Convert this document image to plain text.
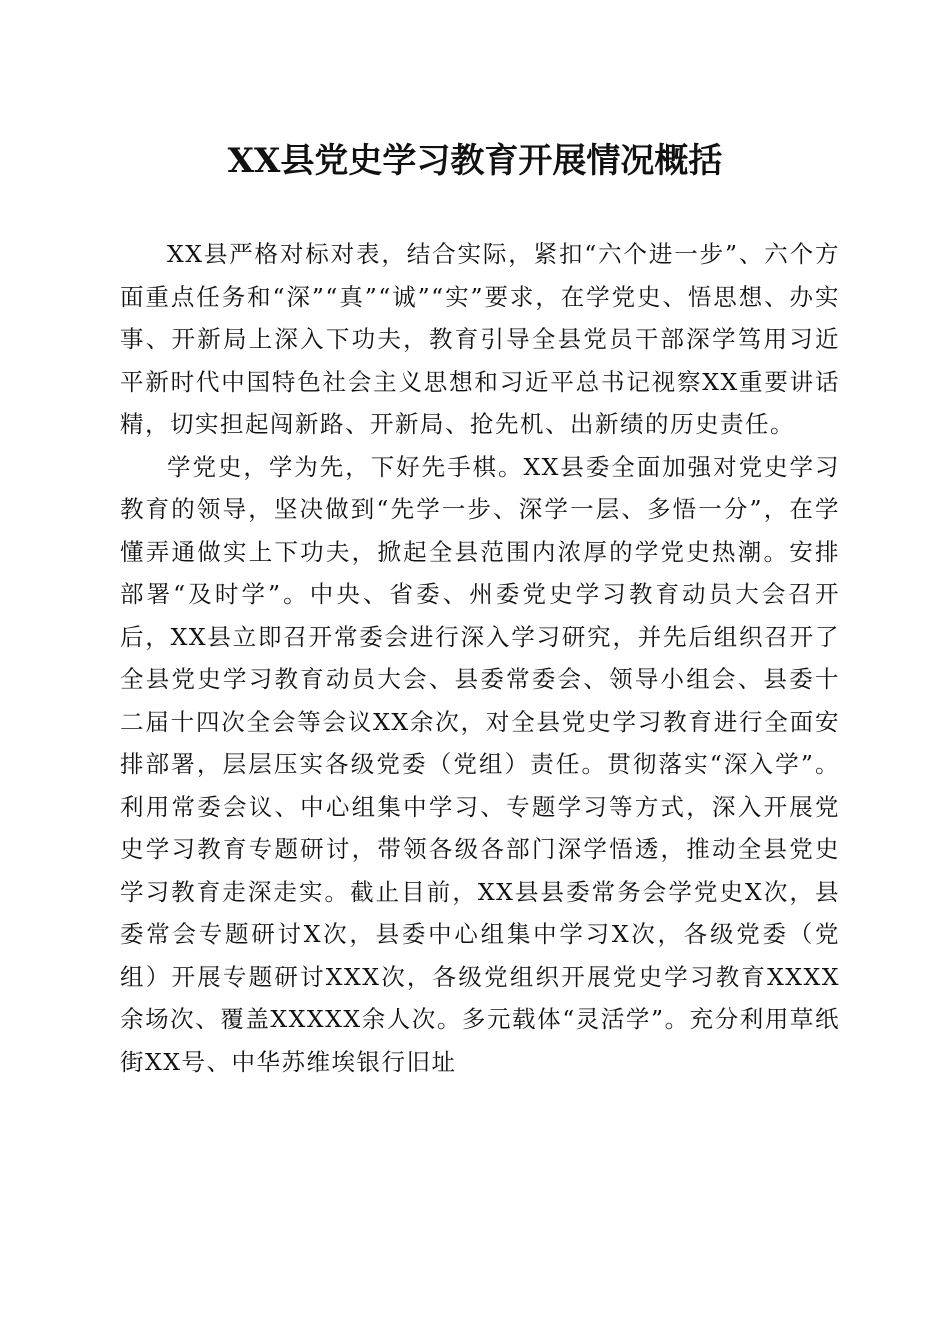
XX县党史学习教育开展情况概括

XX县严格对标对表，结合实际，紧扣“六个进一步”、六个方面重点任务和“深”“真”“诚”“实”要求，在学党史、悟思想、办实事、开新局上深入下功夫，教育引导全县党员干部深学笃用习近平新时代中国特色社会主义思想和习近平总书记视察XX重要讲话精，切实担起闯新路、开新局、抢先机、出新绩的历史责任。

学党史，学为先，下好先手棋。XX县委全面加强对党史学习教育的领导，坚决做到“先学一步、深学一层、多悟一分”，在学懂弄通做实上下功夫，掀起全县范围内浓厚的学党史热潮。安排部署“及时学”。中央、省委、州委党史学习教育动员大会召开后，XX县立即召开常委会进行深入学习研究，并先后组织召开了全县党史学习教育动员大会、县委常委会、领导小组会、县委十二届十四次全会等会议XX余次，对全县党史学习教育进行全面安排部署，层层压实各级党委（党组）责任。贯彻落实“深入学”。利用常委会议、中心组集中学习、专题学习等方式，深入开展党史学习教育专题研讨，带领各级各部门深学悟透，推动全县党史学习教育走深走实。截止目前，XX县县委常务会学党史X次，县委常会专题研讨X次，县委中心组集中学习X次，各级党委（党组）开展专题研讨XXX次，各级党组织开展党史学习教育XXXX余场次、覆盖XXXXX余人次。多元载体“灵活学”。充分利用草纸街XX号、中华苏维埃银行旧址
